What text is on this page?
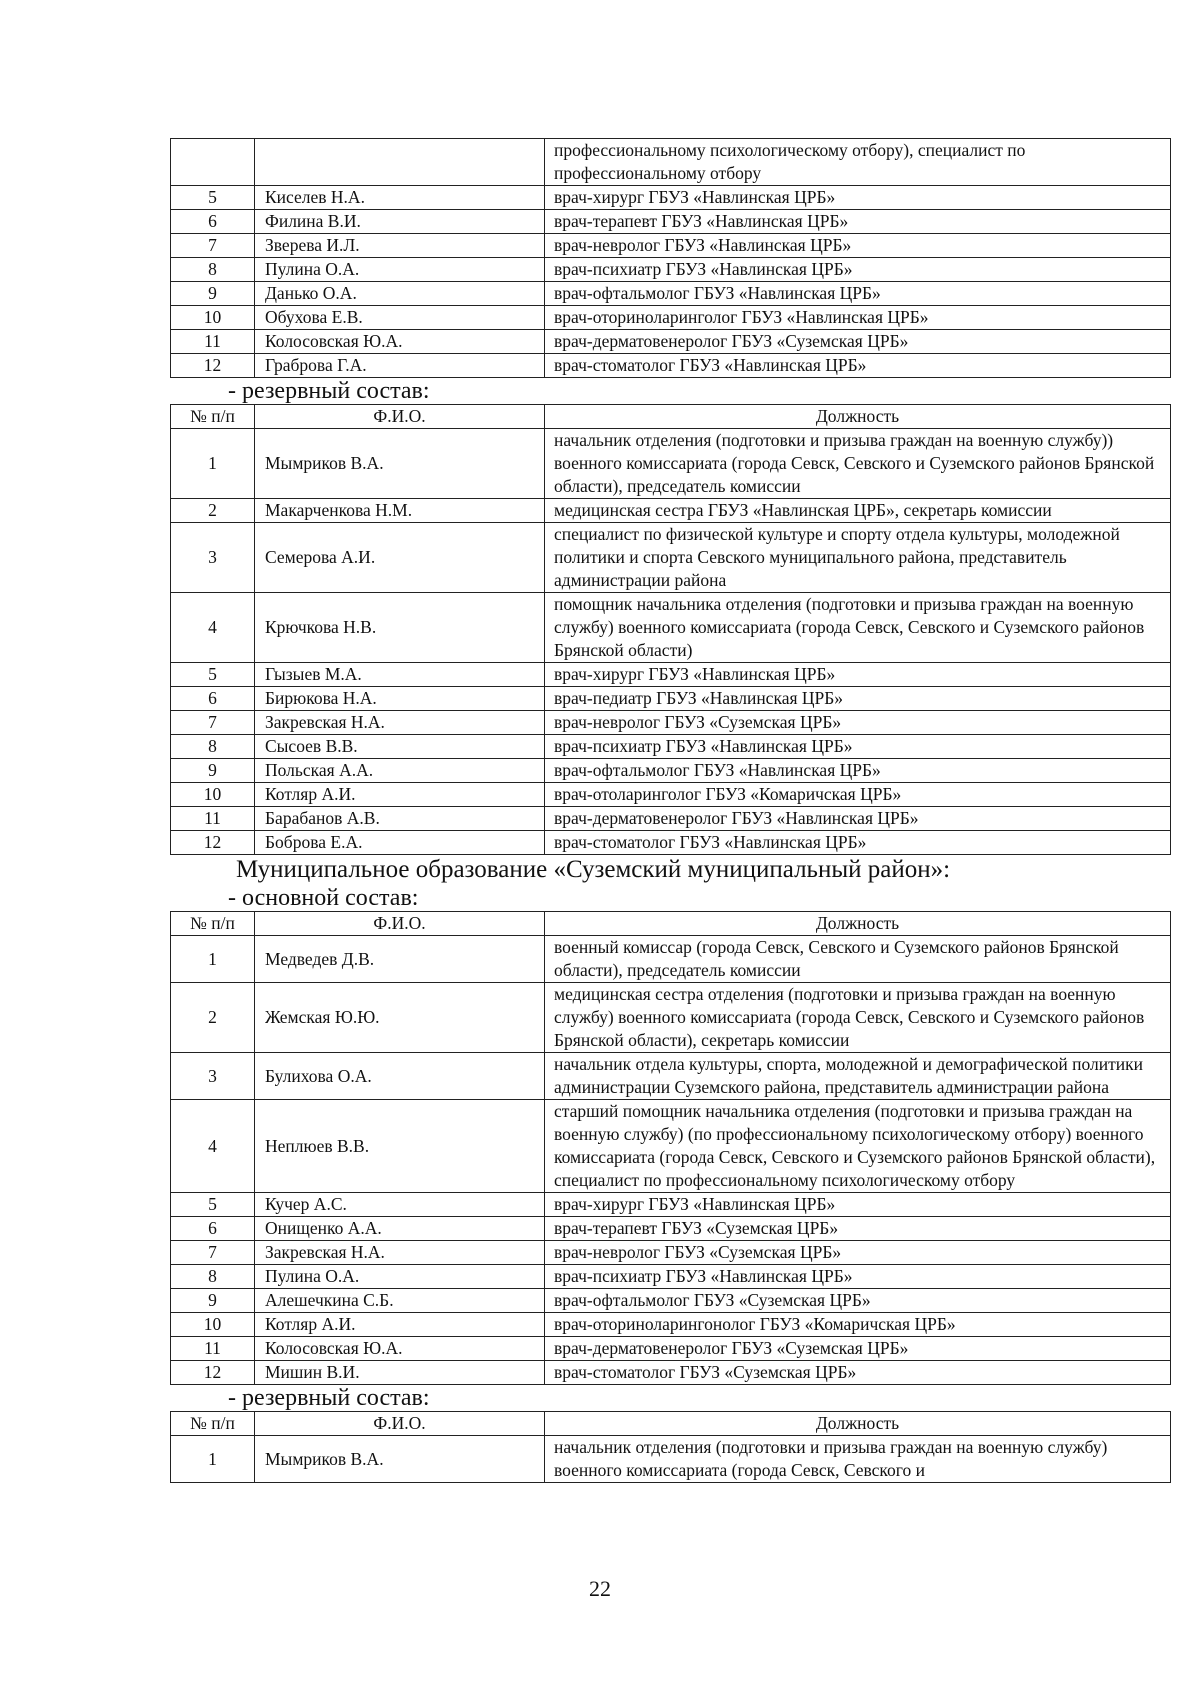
		профессиональному психологическому отбору), специалист по профессиональному отбору
5	Киселев Н.А.	врач-хирург ГБУЗ «Навлинская ЦРБ»
6	Филина В.И.	врач-терапевт ГБУЗ «Навлинская ЦРБ»
7	Зверева И.Л.	врач-невролог ГБУЗ «Навлинская ЦРБ»
8	Пулина О.А.	врач-психиатр ГБУЗ «Навлинская ЦРБ»
9	Данько О.А.	врач-офтальмолог ГБУЗ «Навлинская ЦРБ»
10	Обухова Е.В.	врач-оториноларинголог ГБУЗ «Навлинская ЦРБ»
11	Колосовская Ю.А.	врач-дерматовенеролог ГБУЗ «Суземская ЦРБ»
12	Граброва Г.А.	врач-стоматолог ГБУЗ «Навлинская ЦРБ»
- резервный состав:
№ п/п	Ф.И.О.	Должность
1	Мымриков В.А.	начальник отделения (подготовки и призыва граждан на военную службу)) военного комиссариата (города Севск, Севского и Суземского районов Брянской области), председатель комиссии
2	Макарченкова Н.М.	медицинская сестра ГБУЗ «Навлинская ЦРБ», секретарь комиссии
3	Семерова А.И.	специалист по физической культуре и спорту отдела культуры, молодежной политики и спорта Севского муниципального района, представитель администрации района
4	Крючкова Н.В.	помощник начальника отделения (подготовки и призыва граждан на военную службу) военного комиссариата (города Севск, Севского и Суземского районов Брянской области)
5	Гызыев М.А.	врач-хирург ГБУЗ «Навлинская ЦРБ»
6	Бирюкова Н.А.	врач-педиатр ГБУЗ «Навлинская ЦРБ»
7	Закревская Н.А.	врач-невролог ГБУЗ «Суземская ЦРБ»
8	Сысоев В.В.	врач-психиатр ГБУЗ «Навлинская ЦРБ»
9	Польская А.А.	врач-офтальмолог ГБУЗ «Навлинская ЦРБ»
10	Котляр А.И.	врач-отоларинголог ГБУЗ «Комаричская ЦРБ»
11	Барабанов А.В.	врач-дерматовенеролог ГБУЗ «Навлинская ЦРБ»
12	Боброва Е.А.	врач-стоматолог ГБУЗ «Навлинская ЦРБ»
Муниципальное образование «Суземский муниципальный район»:
- основной состав:
№ п/п	Ф.И.О.	Должность
1	Медведев Д.В.	военный комиссар (города Севск, Севского и Суземского районов Брянской области), председатель комиссии
2	Жемская Ю.Ю.	медицинская сестра отделения (подготовки и призыва граждан на военную службу) военного комиссариата (города Севск, Севского и Суземского районов Брянской области), секретарь комиссии
3	Булихова О.А.	начальник отдела культуры, спорта, молодежной и демографической политики администрации Суземского района, представитель администрации района
4	Неплюев В.В.	старший помощник начальника отделения (подготовки и призыва граждан на военную службу) (по профессиональному психологическому отбору) военного комиссариата (города Севск, Севского и Суземского районов Брянской области), специалист по профессиональному психологическому отбору
5	Кучер А.С.	врач-хирург ГБУЗ «Навлинская ЦРБ»
6	Онищенко А.А.	врач-терапевт ГБУЗ «Суземская ЦРБ»
7	Закревская Н.А.	врач-невролог ГБУЗ «Суземская ЦРБ»
8	Пулина О.А.	врач-психиатр ГБУЗ «Навлинская ЦРБ»
9	Алешечкина С.Б.	врач-офтальмолог ГБУЗ «Суземская ЦРБ»
10	Котляр А.И.	врач-оториноларингонолог ГБУЗ «Комаричская ЦРБ»
11	Колосовская Ю.А.	врач-дерматовенеролог ГБУЗ «Суземская ЦРБ»
12	Мишин В.И.	врач-стоматолог ГБУЗ «Суземская ЦРБ»
- резервный состав:
№ п/п	Ф.И.О.	Должность
1	Мымриков В.А.	начальник отделения (подготовки и призыва граждан на военную службу) военного комиссариата (города Севск, Севского и
22
